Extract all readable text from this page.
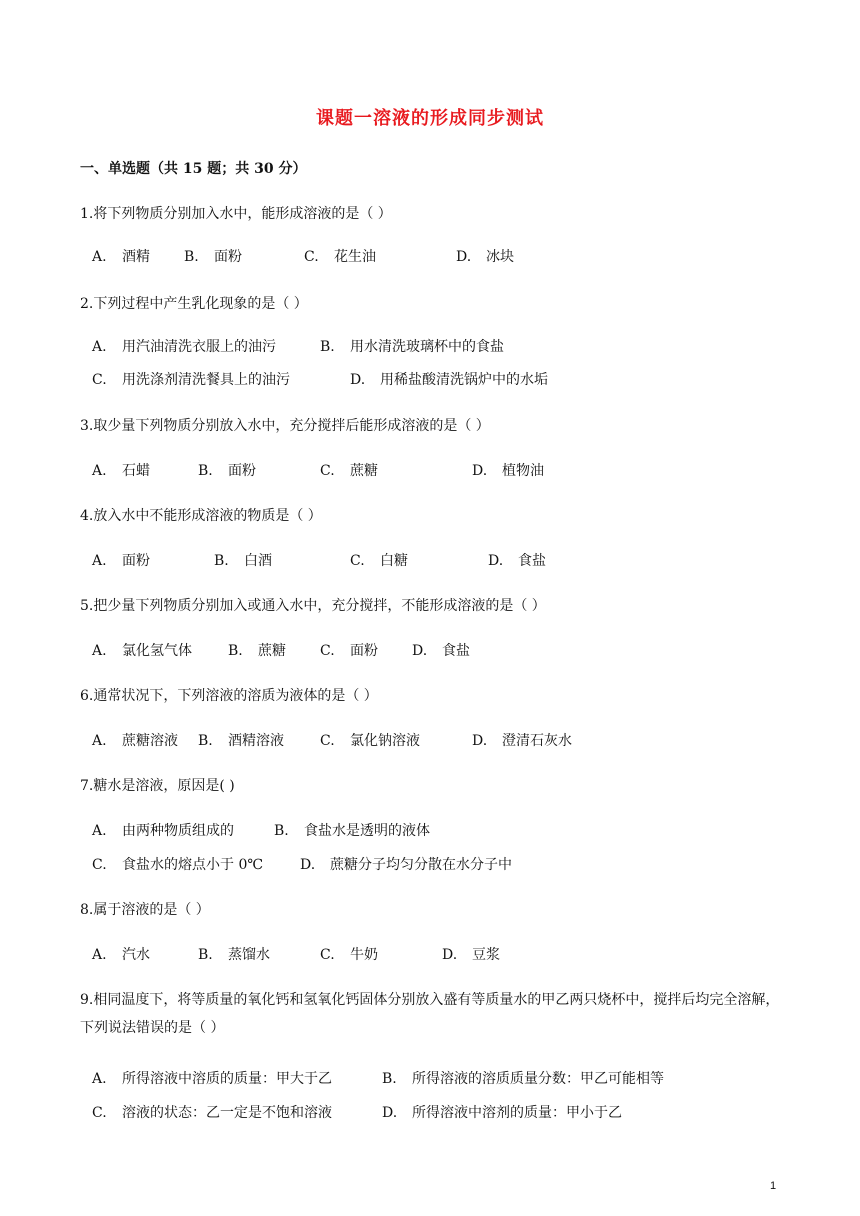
课题一溶液的形成同步测试
一、单选题（共 15 题；共 30 分）
1.将下列物质分别加入水中，能形成溶液的是（ ）
A. 酒精 B. 面粉	C. 花生油	D. 冰块
2.下列过程中产生乳化现象的是（ ）
A. 用汽油清洗衣服上的油污	B. 用水清洗玻璃杯中的食盐
C. 用洗涤剂清洗餐具上的油污	D. 用稀盐酸清洗锅炉中的水垢
3.取少量下列物质分别放入水中，充分搅拌后能形成溶液的是（ ）
A. 石蜡	B. 面粉	C. 蔗糖	D. 植物油
4.放入水中不能形成溶液的物质是（ ）
A. 面粉	B. 白酒	C. 白糖	D. 食盐
5.把少量下列物质分别加入或通入水中，充分搅拌，不能形成溶液的是（ ）
A. 氯化氢气体	B. 蔗糖 C. 面粉 D. 食盐
6.通常状况下，下列溶液的溶质为液体的是（ ）
A. 蔗糖溶液 B. 酒精溶液	C. 氯化钠溶液	D. 澄清石灰水
7.糖水是溶液，原因是( )
A. 由两种物质组成的	B. 食盐水是透明的液体
C. 食盐水的熔点小于 0℃	D. 蔗糖分子均匀分散在水分子中
8.属于溶液的是（ ）
A. 汽水	B. 蒸馏水	C. 牛奶	D. 豆浆
9.相同温度下，将等质量的氧化钙和氢氧化钙固体分别放入盛有等质量水的甲乙两只烧杯中，搅拌后均完全溶解，下列说法错误的是（ ）
A. 所得溶液中溶质的质量：甲大于乙	B. 所得溶液的溶质质量分数：甲乙可能相等
C. 溶液的状态：乙一定是不饱和溶液	D. 所得溶液中溶剂的质量：甲小于乙
1
